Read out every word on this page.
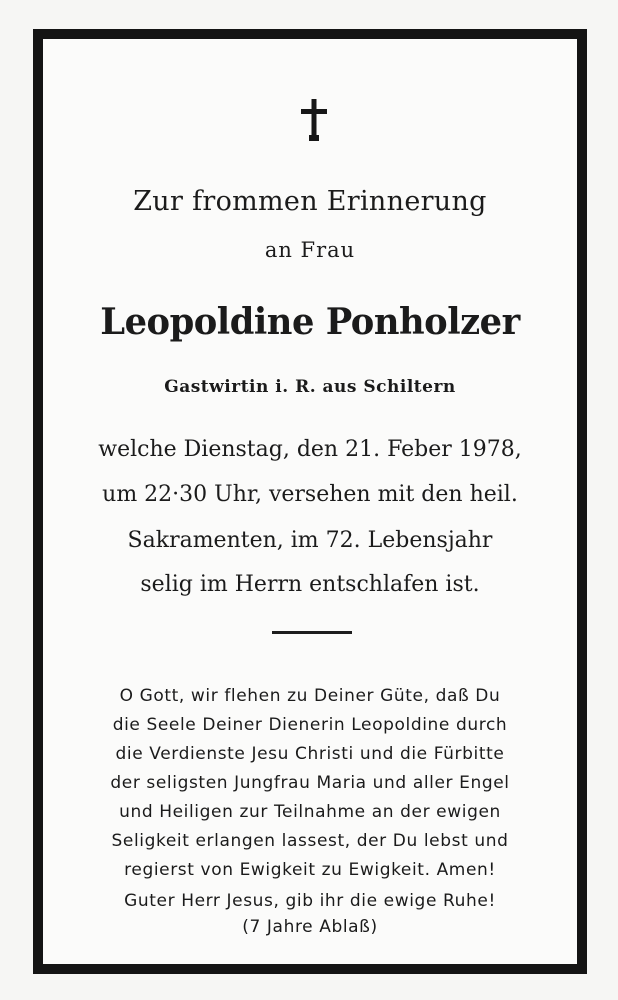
Zur frommen Erinnerung
an Frau
Leopoldine Ponholzer
Gastwirtin i. R. aus Schiltern
welche Dienstag, den 21. Feber 1978,
um 22·30 Uhr, versehen mit den heil.
Sakramenten, im 72. Lebensjahr
selig im Herrn entschlafen ist.
O Gott, wir flehen zu Deiner Güte, daß Du
die Seele Deiner Dienerin Leopoldine durch
die Verdienste Jesu Christi und die Fürbitte
der seligsten Jungfrau Maria und aller Engel
und Heiligen zur Teilnahme an der ewigen
Seligkeit erlangen lassest, der Du lebst und
regierst von Ewigkeit zu Ewigkeit. Amen!
Guter Herr Jesus, gib ihr die ewige Ruhe!
(7 Jahre Ablaß)
